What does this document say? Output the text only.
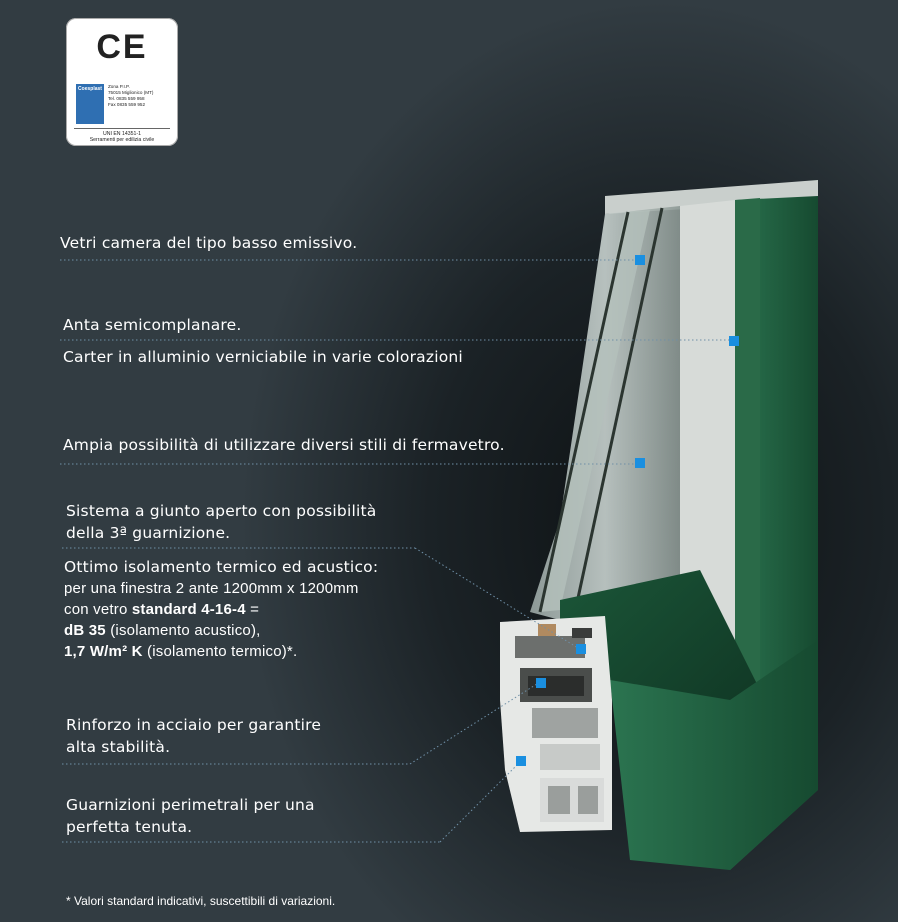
CE
Coesplast	Zona P.I.P.
75015 Miglionico (MT)
Tel. 0835 559 958
Fax 0835 559 952
UNI EN 14351-1
Serramenti per edilizia civile
Vetri camera del tipo basso emissivo.
Anta semicomplanare.
Carter in alluminio verniciabile in varie colorazioni
Ampia possibilità di utilizzare diversi stili di fermavetro.
Sistema a giunto aperto con possibilità
della 3ª guarnizione.
Ottimo isolamento termico ed acustico:
per una finestra 2 ante 1200mm x 1200mm
con vetro standard 4-16-4 =
dB 35 (isolamento acustico),
1,7 W/m² K (isolamento termico)*.
Rinforzo in acciaio per garantire
alta stabilità.
Guarnizioni perimetrali per una
perfetta tenuta.
* Valori standard indicativi, suscettibili di variazioni.
